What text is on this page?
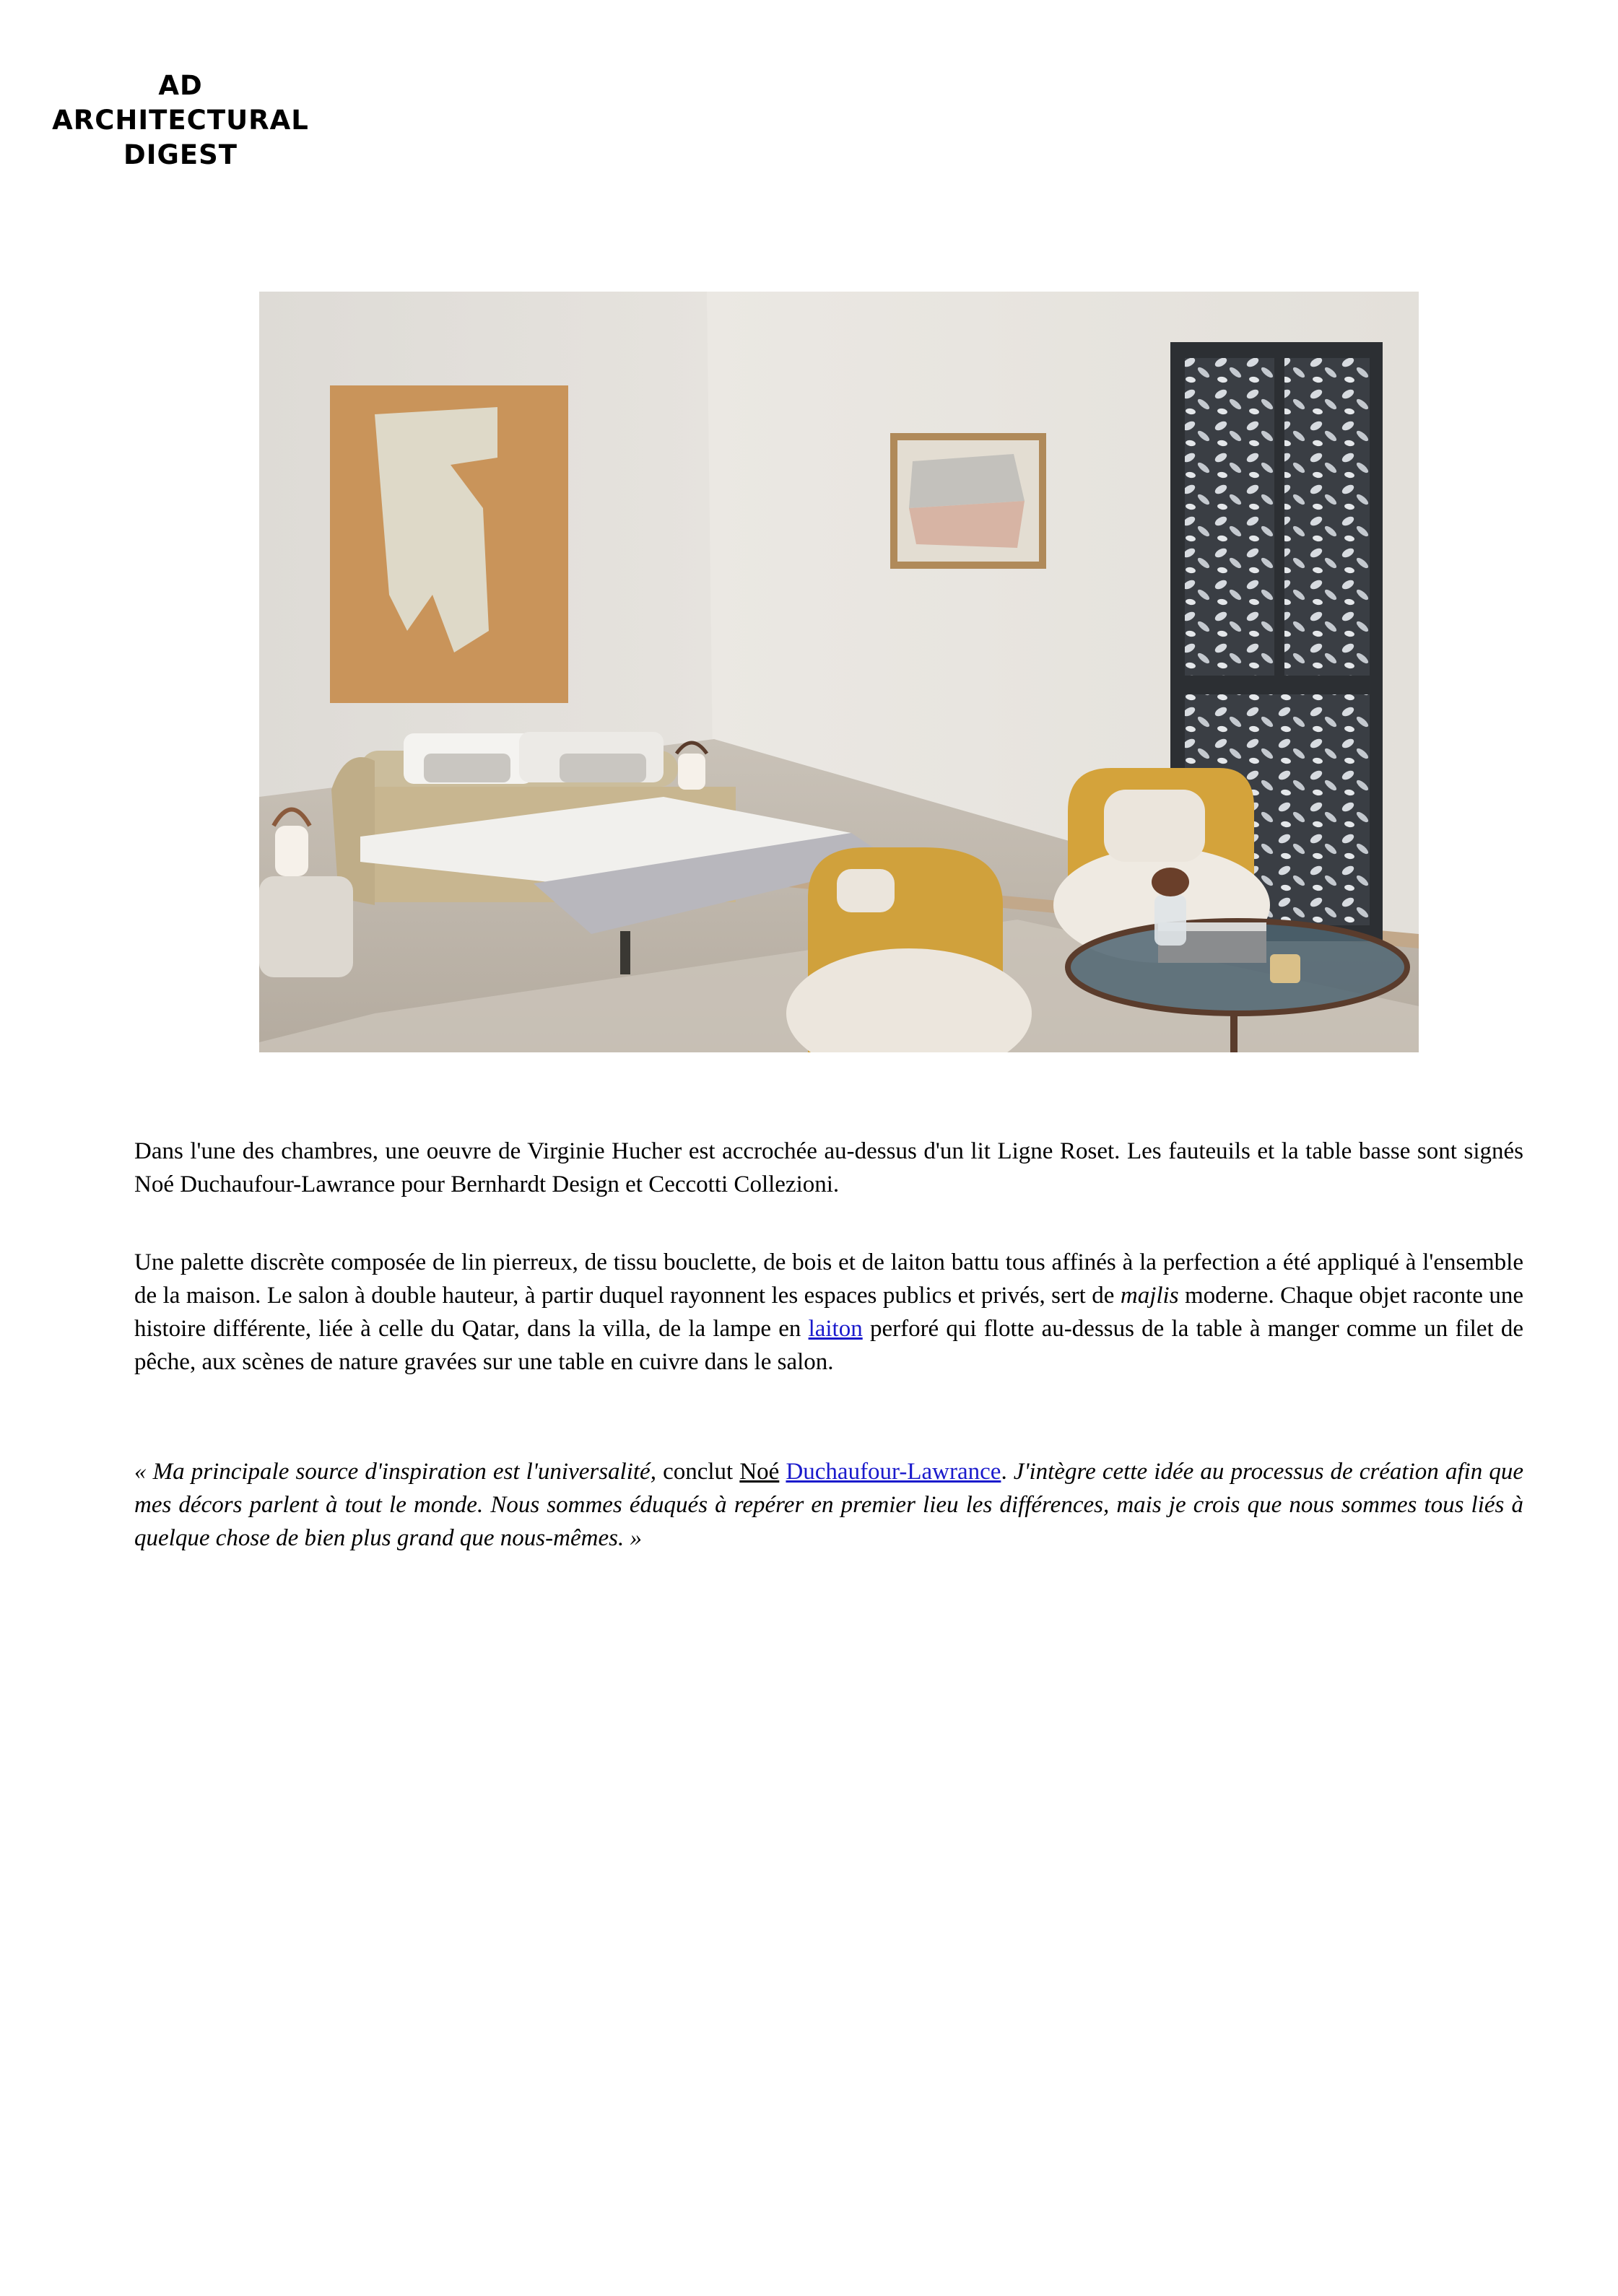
AD
ARCHITECTURAL
DIGEST

Dans l'une des chambres, une oeuvre de Virginie Hucher est accrochée au-dessus d'un lit Ligne Roset. Les fauteuils et la table basse sont signés Noé Duchaufour-Lawrance pour Bernhardt Design et Ceccotti Collezioni.

Une palette discrète composée de lin pierreux, de tissu bouclette, de bois et de laiton battu tous affinés à la perfection a été appliqué à l'ensemble de la maison. Le salon à double hauteur, à partir duquel rayonnent les espaces publics et privés, sert de majlis moderne. Chaque objet raconte une histoire différente, liée à celle du Qatar, dans la villa, de la lampe en laiton perforé qui flotte au-dessus de la table à manger comme un filet de pêche, aux scènes de nature gravées sur une table en cuivre dans le salon.

« Ma principale source d'inspiration est l'universalité, conclut Noé Duchaufour-Lawrance. J'intègre cette idée au processus de création afin que mes décors parlent à tout le monde. Nous sommes éduqués à repérer en premier lieu les différences, mais je crois que nous sommes tous liés à quelque chose de bien plus grand que nous-mêmes. »
